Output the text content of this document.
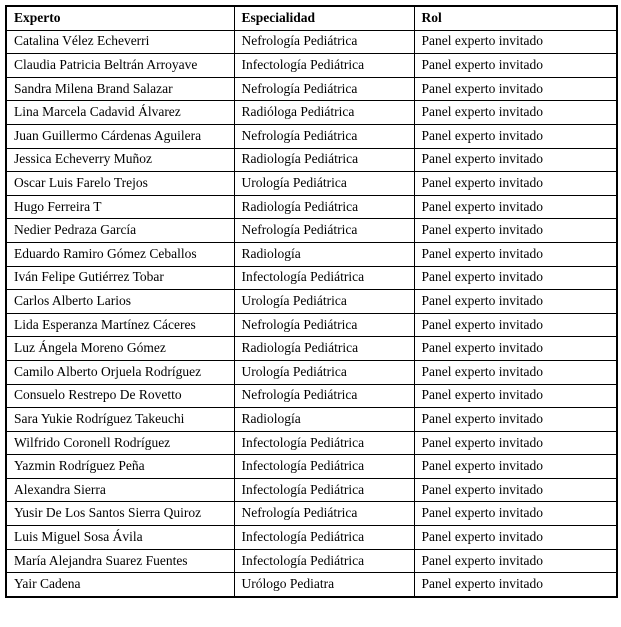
Experto	Especialidad	Rol
Catalina Vélez Echeverri	Nefrología Pediátrica	Panel experto invitado
Claudia Patricia Beltrán Arroyave	Infectología Pediátrica	Panel experto invitado
Sandra Milena Brand Salazar	Nefrología Pediátrica	Panel experto invitado
Lina Marcela Cadavid Álvarez	Radióloga Pediátrica	Panel experto invitado
Juan Guillermo Cárdenas Aguilera	Nefrología Pediátrica	Panel experto invitado
Jessica Echeverry Muñoz	Radiología Pediátrica	Panel experto invitado
Oscar Luis Farelo Trejos	Urología Pediátrica	Panel experto invitado
Hugo Ferreira T	Radiología Pediátrica	Panel experto invitado
Nedier Pedraza García	Nefrología Pediátrica	Panel experto invitado
Eduardo Ramiro Gómez Ceballos	Radiología	Panel experto invitado
Iván Felipe Gutiérrez Tobar	Infectología Pediátrica	Panel experto invitado
Carlos Alberto Larios	Urología Pediátrica	Panel experto invitado
Lida Esperanza Martínez Cáceres	Nefrología Pediátrica	Panel experto invitado
Luz Ángela Moreno Gómez	Radiología Pediátrica	Panel experto invitado
Camilo Alberto Orjuela Rodríguez	Urología Pediátrica	Panel experto invitado
Consuelo Restrepo De Rovetto	Nefrología Pediátrica	Panel experto invitado
Sara Yukie Rodríguez Takeuchi	Radiología	Panel experto invitado
Wilfrido Coronell Rodríguez	Infectología Pediátrica	Panel experto invitado
Yazmin Rodríguez Peña	Infectología Pediátrica	Panel experto invitado
Alexandra Sierra	Infectología Pediátrica	Panel experto invitado
Yusir De Los Santos Sierra Quiroz	Nefrología Pediátrica	Panel experto invitado
Luis Miguel Sosa Ávila	Infectología Pediátrica	Panel experto invitado
María Alejandra Suarez Fuentes	Infectología Pediátrica	Panel experto invitado
Yair Cadena	Urólogo Pediatra	Panel experto invitado
